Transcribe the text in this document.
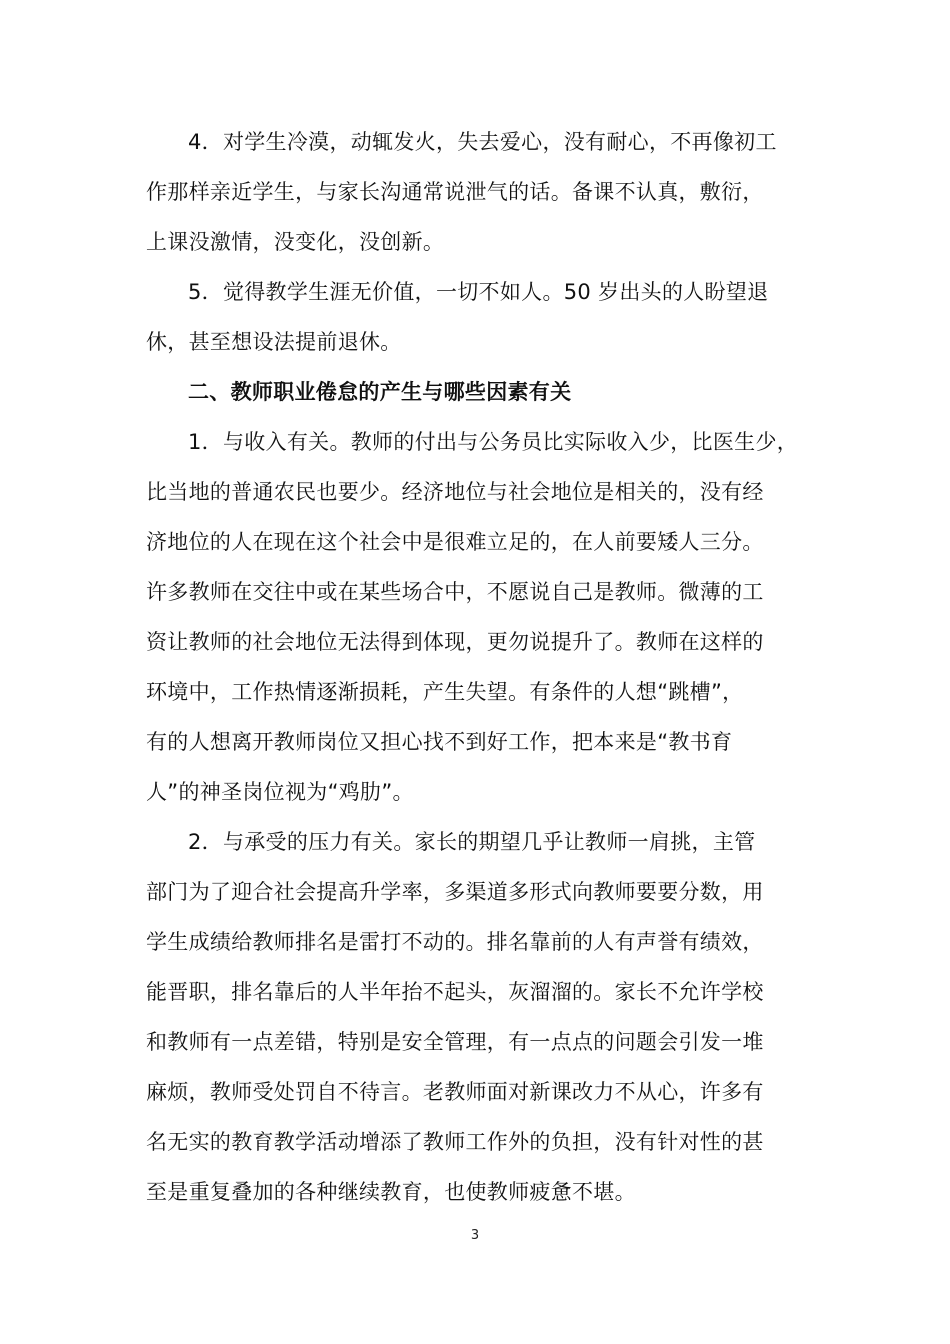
4．对学生冷漠，动辄发火，失去爱心，没有耐心，不再像初工
作那样亲近学生，与家长沟通常说泄气的话。备课不认真，敷衍，
上课没激情，没变化，没创新。
5．觉得教学生涯无价值，一切不如人。50 岁出头的人盼望退
休，甚至想设法提前退休。
二、教师职业倦怠的产生与哪些因素有关
1．与收入有关。教师的付出与公务员比实际收入少，比医生少，
比当地的普通农民也要少。经济地位与社会地位是相关的，没有经
济地位的人在现在这个社会中是很难立足的，在人前要矮人三分。
许多教师在交往中或在某些场合中，不愿说自己是教师。微薄的工
资让教师的社会地位无法得到体现，更勿说提升了。教师在这样的
环境中，工作热情逐渐损耗，产生失望。有条件的人想“跳槽”，
有的人想离开教师岗位又担心找不到好工作，把本来是“教书育
人”的神圣岗位视为“鸡肋”。
2．与承受的压力有关。家长的期望几乎让教师一肩挑，主管
部门为了迎合社会提高升学率，多渠道多形式向教师要要分数，用
学生成绩给教师排名是雷打不动的。排名靠前的人有声誉有绩效，
能晋职，排名靠后的人半年抬不起头，灰溜溜的。家长不允许学校
和教师有一点差错，特别是安全管理，有一点点的问题会引发一堆
麻烦，教师受处罚自不待言。老教师面对新课改力不从心，许多有
名无实的教育教学活动增添了教师工作外的负担，没有针对性的甚
至是重复叠加的各种继续教育，也使教师疲惫不堪。
3
